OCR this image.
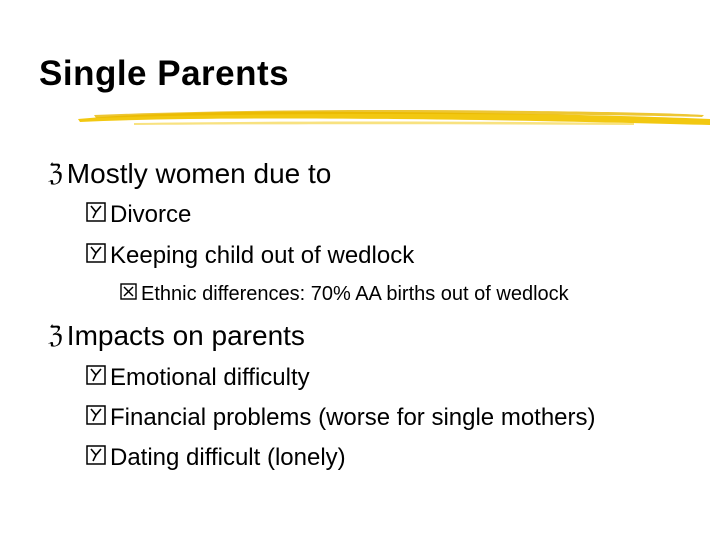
Single Parents
ℨ Mostly women due to
Divorce
Keeping child out of wedlock
Ethnic differences: 70% AA births out of wedlock
ℨ Impacts on parents
Emotional difficulty
Financial problems (worse for single mothers)
Dating difficult (lonely)
